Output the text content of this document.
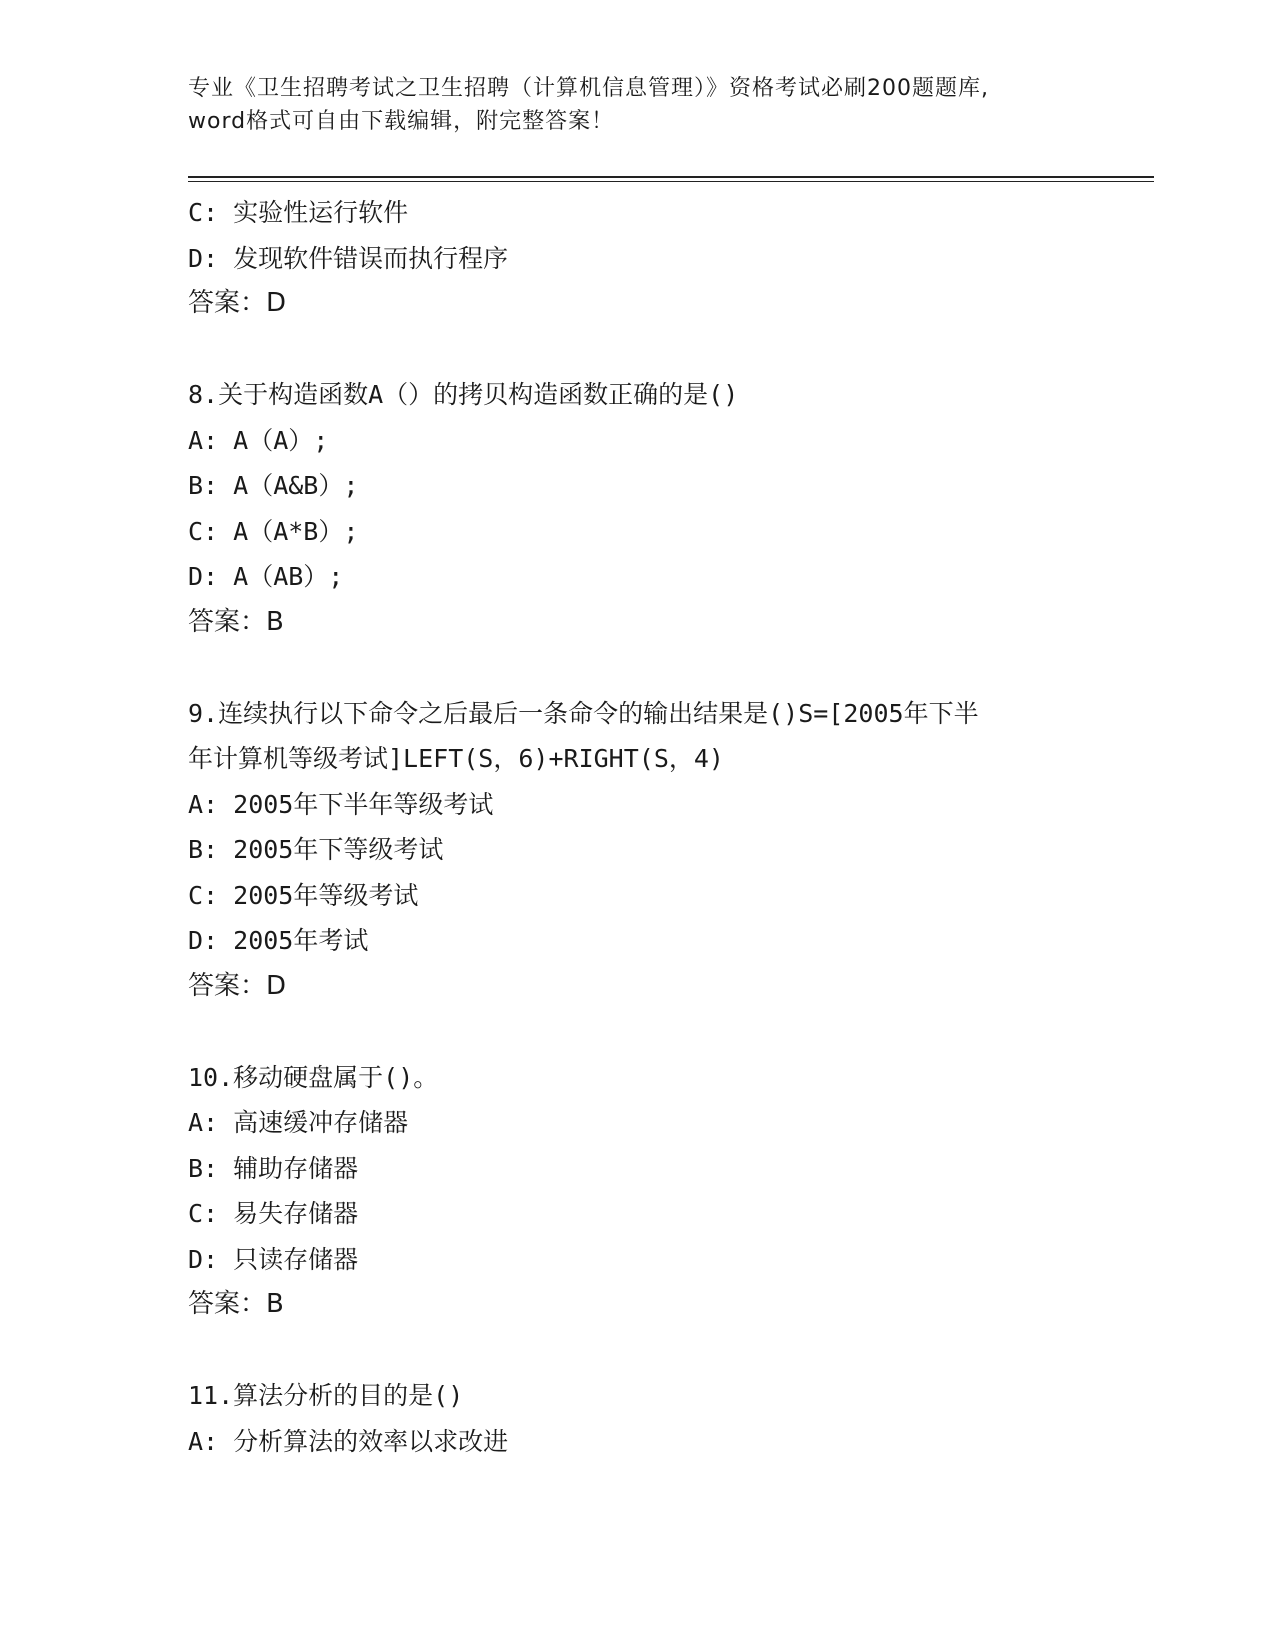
专业《卫生招聘考试之卫生招聘（计算机信息管理）》资格考试必刷200题题库,
word格式可自由下载编辑，附完整答案！
C: 实验性运行软件
D: 发现软件错误而执行程序
答案：D
8.关于构造函数A（）的拷贝构造函数正确的是()
A: A（A）;
B: A（A&B）;
C: A（A*B）;
D: A（AB）;
答案：B
9.连续执行以下命令之后最后一条命令的输出结果是()S=[2005年下半
年计算机等级考试]LEFT(S，6)+RIGHT(S，4)
A: 2005年下半年等级考试
B: 2005年下等级考试
C: 2005年等级考试
D: 2005年考试
答案：D
10.移动硬盘属于()。
A: 高速缓冲存储器
B: 辅助存储器
C: 易失存储器
D: 只读存储器
答案：B
11.算法分析的目的是()
A: 分析算法的效率以求改进
